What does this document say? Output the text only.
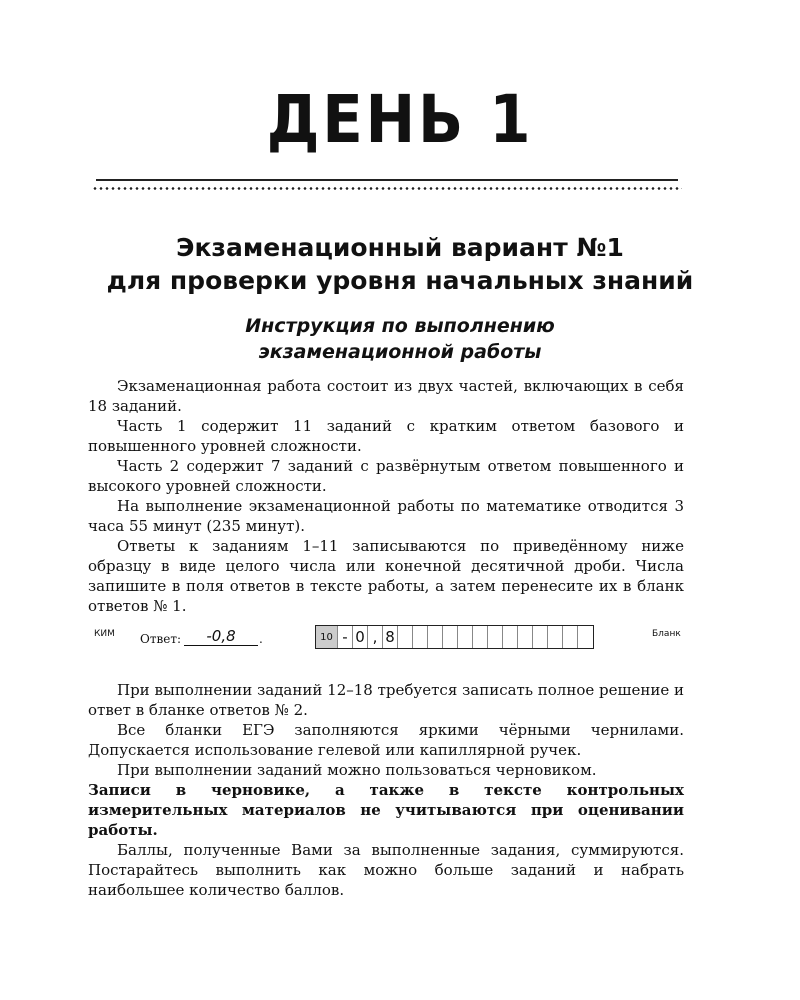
ДЕНЬ 1
Экзаменационный вариант №1
для проверки уровня начальных знаний
Инструкция по выполнению
экзаменационной работы

Экзаменационная работа состоит из двух частей, включающих в себя 18 заданий.

Часть 1 содержит 11 заданий с кратким ответом базового и повышенного уровней сложности.

Часть 2 содержит 7 заданий с развёрнутым ответом повышенного и высокого уровней сложности.

На выполнение экзаменационной работы по математике отводится 3 часа 55 минут (235 минут).

Ответы к заданиям 1–11 записываются по приведённому ниже образцу в виде целого числа или конечной десятичной дроби. Числа запишите в поля ответов в тексте работы, а затем перенесите их в бланк ответов № 1.

КИМ Ответ:	-0,8	.	10 - 0 , 8	Бланк

При выполнении заданий 12–18 требуется записать полное решение и ответ в бланке ответов № 2.

Все бланки ЕГЭ заполняются яркими чёрными чернилами. Допускается использование гелевой или капиллярной ручек.

При выполнении заданий можно пользоваться черновиком.

Записи в черновике, а также в тексте контрольных измерительных материалов не учитываются при оценивании работы.

Баллы, полученные Вами за выполненные задания, суммируются. Постарайтесь выполнить как можно больше заданий и набрать наибольшее количество баллов.
